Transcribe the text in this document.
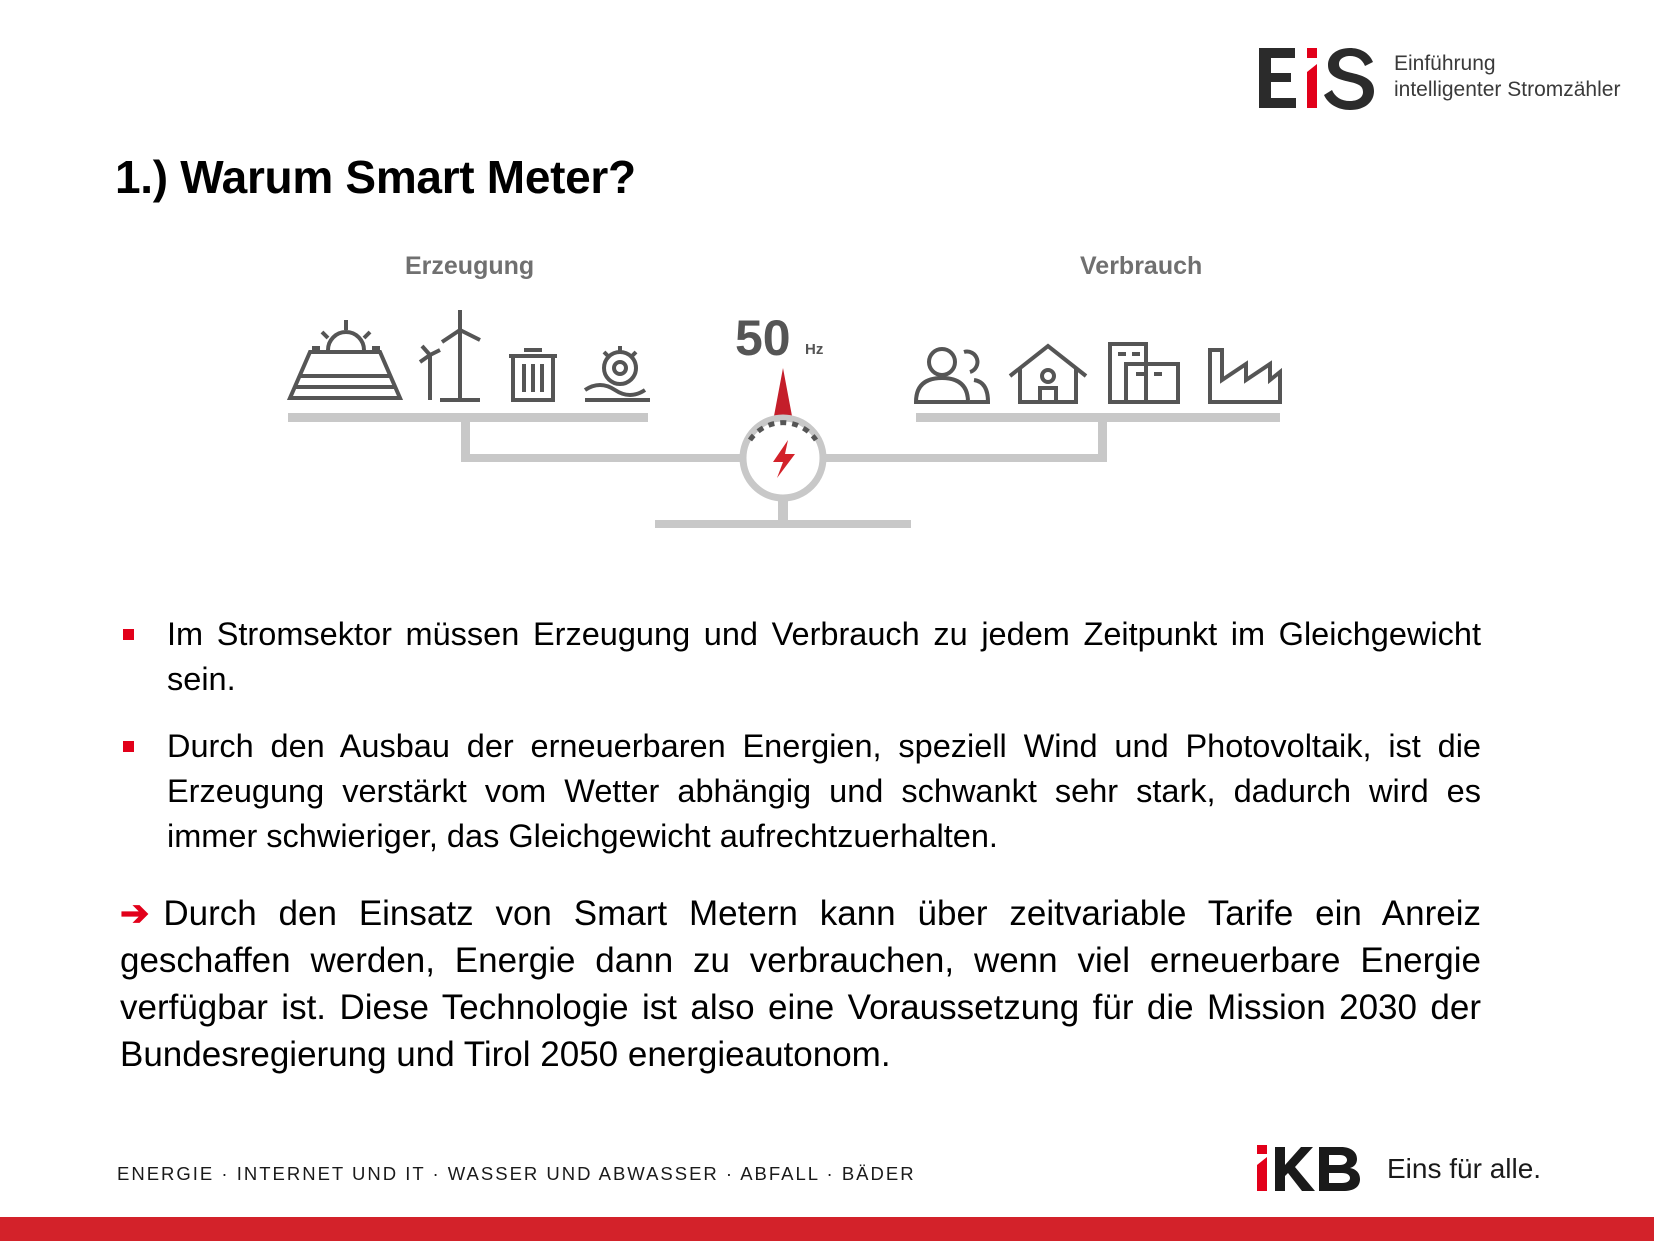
Einführung
intelligenter Stromzähler
1.) Warum Smart Meter?
Erzeugung	Verbrauch
50 Hz
Im Stromsektor müssen Erzeugung und Verbrauch zu jedem Zeitpunkt im Gleichgewicht sein.
Durch den Ausbau der erneuerbaren Energien, speziell Wind und Photovoltaik, ist die Erzeugung verstärkt vom Wetter abhängig und schwankt sehr stark, dadurch wird es immer schwieriger, das Gleichgewicht aufrechtzuerhalten.
➔ Durch den Einsatz von Smart Metern kann über zeitvariable Tarife ein Anreiz geschaffen werden, Energie dann zu verbrauchen, wenn viel erneuerbare Energie verfügbar ist. Diese Technologie ist also eine Voraussetzung für die Mission 2030 der Bundesregierung und Tirol 2050 energieautonom.
ENERGIE · INTERNET UND IT · WASSER UND ABWASSER · ABFALL · BÄDER	Eins für alle.
